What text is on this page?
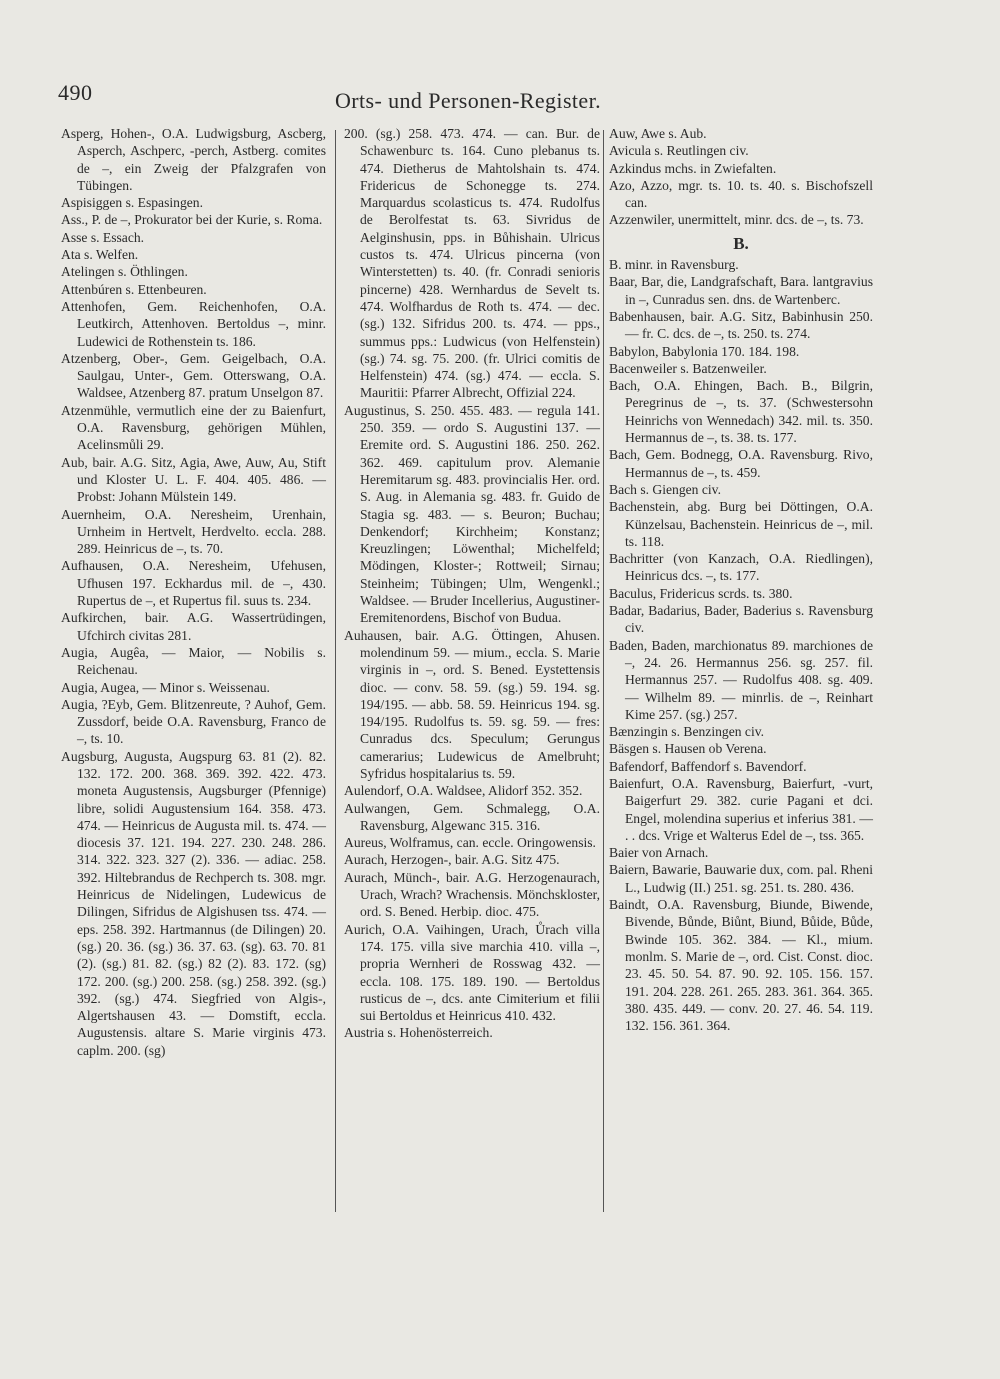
490	Orts- und Personen-Register.

Asperg, Hohen-, O.A. Ludwigsburg, Ascberg, Asperch, Aschperc, -perch, Astberg. comites de –, ein Zweig der Pfalzgrafen von Tübingen.

Aspisiggen s. Espasingen.

Ass., P. de –, Prokurator bei der Kurie, s. Roma.

Asse s. Essach.

Ata s. Welfen.

Atelingen s. Öthlingen.

Attenbúren s. Ettenbeuren.

Attenhofen, Gem. Reichenhofen, O.A. Leutkirch, Attenhoven. Bertoldus –, minr. Ludewici de Rothenstein ts. 186.

Atzenberg, Ober-, Gem. Geigelbach, O.A. Saulgau, Unter-, Gem. Otterswang, O.A. Waldsee, Atzenberg 87. pratum Unselgon 87.

Atzenmühle, vermutlich eine der zu Baienfurt, O.A. Ravensburg, gehörigen Mühlen, Acelinsmůli 29.

Aub, bair. A.G. Sitz, Agia, Awe, Auw, Au, Stift und Kloster U. L. F. 404. 405. 486. — Probst: Johann Mülstein 149.

Auernheim, O.A. Neresheim, Urenhain, Urnheim in Hertvelt, Herdvelto. eccla. 288. 289. Heinricus de –, ts. 70.

Aufhausen, O.A. Neresheim, Ufehusen, Ufhusen 197. Eckhardus mil. de –, 430. Rupertus de –, et Rupertus fil. suus ts. 234.

Aufkirchen, bair. A.G. Wassertrüdingen, Ufchirch civitas 281.

Augia, Augêa, — Maior, — Nobilis s. Reichenau.

Augia, Augea, — Minor s. Weissenau.

Augia, ?Eyb, Gem. Blitzenreute, ? Auhof, Gem. Zussdorf, beide O.A. Ravensburg, Franco de –, ts. 10.

Augsburg, Augusta, Augspurg 63. 81 (2). 82. 132. 172. 200. 368. 369. 392. 422. 473. moneta Augustensis, Augsburger (Pfennige) libre, solidi Augustensium 164. 358. 473. 474. — Heinricus de Augusta mil. ts. 474. — diocesis 37. 121. 194. 227. 230. 248. 286. 314. 322. 323. 327 (2). 336. — adiac. 258. 392. Hiltebrandus de Rechperch ts. 308. mgr. Heinricus de Nidelingen, Ludewicus de Dilingen, Sifridus de Algishusen tss. 474. — eps. 258. 392. Hartmannus (de Dilingen) 20. (sg.) 20. 36. (sg.) 36. 37. 63. (sg). 63. 70. 81 (2). (sg.) 81. 82. (sg.) 82 (2). 83. 172. (sg) 172. 200. (sg.) 200. 258. (sg.) 258. 392. (sg.) 392. (sg.) 474. Siegfried von Algis-, Algertshausen 43. — Domstift, eccla. Augustensis. altare S. Marie virginis 473. caplm. 200. (sg)

200. (sg.) 258. 473. 474. — can. Bur. de Schawenburc ts. 164. Cuno plebanus ts. 474. Dietherus de Mahtolshain ts. 474. Fridericus de Schonegge ts. 274. Marquardus scolasticus ts. 474. Rudolfus de Berolfestat ts. 63. Sivridus de Aelginshusin, pps. in Bůhishain. Ulricus custos ts. 474. Ulricus pincerna (von Winterstetten) ts. 40. (fr. Conradi senioris pincerne) 428. Wernhardus de Sevelt ts. 474. Wolfhardus de Roth ts. 474. — dec. (sg.) 132. Sifridus 200. ts. 474. — pps., summus pps.: Ludwicus (von Helfenstein) (sg.) 74. sg. 75. 200. (fr. Ulrici comitis de Helfenstein) 474. (sg.) 474. — eccla. S. Mauritii: Pfarrer Albrecht, Offizial 224.

Augustinus, S. 250. 455. 483. — regula 141. 250. 359. — ordo S. Augustini 137. — Eremite ord. S. Augustini 186. 250. 262. 362. 469. capitulum prov. Alemanie Heremitarum sg. 483. provincialis Her. ord. S. Aug. in Alemania sg. 483. fr. Guido de Stagia sg. 483. — s. Beuron; Buchau; Denkendorf; Kirchheim; Konstanz; Kreuzlingen; Löwenthal; Michelfeld; Mödingen, Kloster-; Rottweil; Sirnau; Steinheim; Tübingen; Ulm, Wengenkl.; Waldsee. — Bruder Incellerius, Augustiner-Eremitenordens, Bischof von Budua.

Auhausen, bair. A.G. Öttingen, Ahusen. molendinum 59. — mium., eccla. S. Marie virginis in –, ord. S. Bened. Eystettensis dioc. — conv. 58. 59. (sg.) 59. 194. sg. 194/195. — abb. 58. 59. Heinricus 194. sg. 194/195. Rudolfus ts. 59. sg. 59. — fres: Cunradus dcs. Speculum; Gerungus camerarius; Ludewicus de Amelbruht; Syfridus hospitalarius ts. 59.

Aulendorf, O.A. Waldsee, Alidorf 352. 352.

Aulwangen, Gem. Schmalegg, O.A. Ravensburg, Algewanc 315. 316.

Aureus, Wolframus, can. eccle. Oringowensis.

Aurach, Herzogen-, bair. A.G. Sitz 475.

Aurach, Münch-, bair. A.G. Herzogenaurach, Urach, Wrach? Wrachensis. Mönchskloster, ord. S. Bened. Herbip. dioc. 475.

Aurich, O.A. Vaihingen, Urach, Ůrach villa 174. 175. villa sive marchia 410. villa –, propria Wernheri de Rosswag 432. — eccla. 108. 175. 189. 190. — Bertoldus rusticus de –, dcs. ante Cimiterium et filii sui Bertoldus et Heinricus 410. 432.

Austria s. Hohenösterreich.

Auw, Awe s. Aub.

Avicula s. Reutlingen civ.

Azkindus mchs. in Zwiefalten.

Azo, Azzo, mgr. ts. 10. ts. 40. s. Bischofszell can.

Azzenwiler, unermittelt, minr. dcs. de –, ts. 73.

B.

B. minr. in Ravensburg.

Baar, Bar, die, Landgrafschaft, Bara. lantgravius in –, Cunradus sen. dns. de Wartenberc.

Babenhausen, bair. A.G. Sitz, Babinhusin 250. — fr. C. dcs. de –, ts. 250. ts. 274.

Babylon, Babylonia 170. 184. 198.

Bacenweiler s. Batzenweiler.

Bach, O.A. Ehingen, Bach. B., Bilgrin, Peregrinus de –, ts. 37. (Schwestersohn Heinrichs von Wennedach) 342. mil. ts. 350. Hermannus de –, ts. 38. ts. 177.

Bach, Gem. Bodnegg, O.A. Ravensburg. Rivo, Hermannus de –, ts. 459.

Bach s. Giengen civ.

Bachenstein, abg. Burg bei Döttingen, O.A. Künzelsau, Bachenstein. Heinricus de –, mil. ts. 118.

Bachritter (von Kanzach, O.A. Riedlingen), Heinricus dcs. –, ts. 177.

Baculus, Fridericus scrds. ts. 380.

Badar, Badarius, Bader, Baderius s. Ravensburg civ.

Baden, Baden, marchionatus 89. marchiones de –, 24. 26. Hermannus 256. sg. 257. fil. Hermannus 257. — Rudolfus 408. sg. 409. — Wilhelm 89. — minrlis. de –, Reinhart Kime 257. (sg.) 257.

Bænzingin s. Benzingen civ.

Bäsgen s. Hausen ob Verena.

Bafendorf, Baffendorf s. Bavendorf.

Baienfurt, O.A. Ravensburg, Baierfurt, -vurt, Baigerfurt 29. 382. curie Pagani et dci. Engel, molendina superius et inferius 381. — . . dcs. Vrige et Walterus Edel de –, tss. 365.

Baier von Arnach.

Baiern, Bawarie, Bauwarie dux, com. pal. Rheni L., Ludwig (II.) 251. sg. 251. ts. 280. 436.

Baindt, O.A. Ravensburg, Biunde, Biwende, Bivende, Bůnde, Biůnt, Biund, Bůide, Bůde, Bwinde 105. 362. 384. — Kl., mium. monlm. S. Marie de –, ord. Cist. Const. dioc. 23. 45. 50. 54. 87. 90. 92. 105. 156. 157. 191. 204. 228. 261. 265. 283. 361. 364. 365. 380. 435. 449. — conv. 20. 27. 46. 54. 119. 132. 156. 361. 364.
